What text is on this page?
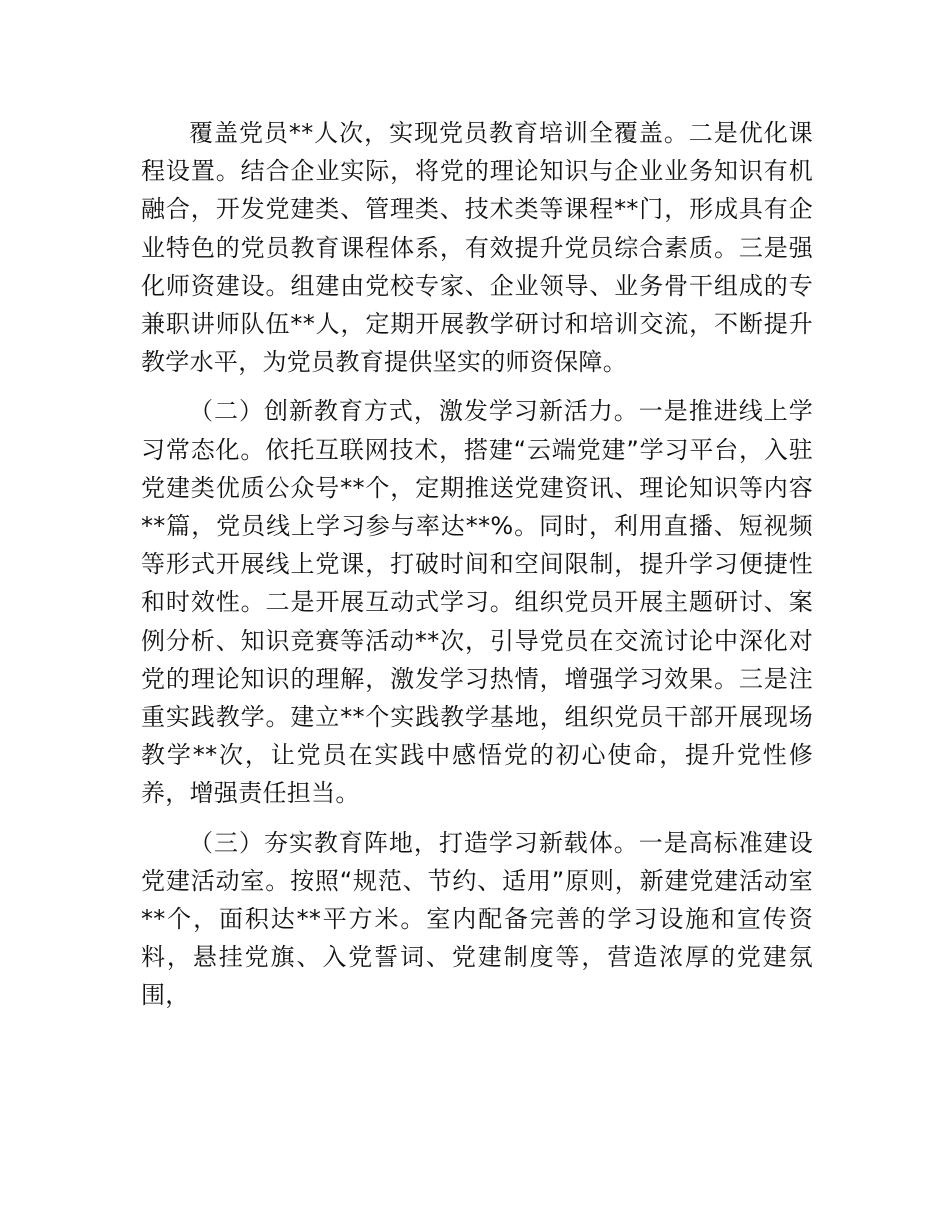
覆盖党员**人次，实现党员教育培训全覆盖。二是优化课程设置。结合企业实际，将党的理论知识与企业业务知识有机融合，开发党建类、管理类、技术类等课程**门，形成具有企业特色的党员教育课程体系，有效提升党员综合素质。三是强化师资建设。组建由党校专家、企业领导、业务骨干组成的专兼职讲师队伍**人，定期开展教学研讨和培训交流，不断提升教学水平，为党员教育提供坚实的师资保障。

（二）创新教育方式，激发学习新活力。一是推进线上学习常态化。依托互联网技术，搭建“云端党建”学习平台，入驻党建类优质公众号**个，定期推送党建资讯、理论知识等内容**篇，党员线上学习参与率达**%。同时，利用直播、短视频等形式开展线上党课，打破时间和空间限制，提升学习便捷性和时效性。二是开展互动式学习。组织党员开展主题研讨、案例分析、知识竞赛等活动**次，引导党员在交流讨论中深化对党的理论知识的理解，激发学习热情，增强学习效果。三是注重实践教学。建立**个实践教学基地，组织党员干部开展现场教学**次，让党员在实践中感悟党的初心使命，提升党性修养，增强责任担当。

（三）夯实教育阵地，打造学习新载体。一是高标准建设党建活动室。按照“规范、节约、适用”原则，新建党建活动室**个，面积达**平方米。室内配备完善的学习设施和宣传资料，悬挂党旗、入党誓词、党建制度等，营造浓厚的党建氛围，
